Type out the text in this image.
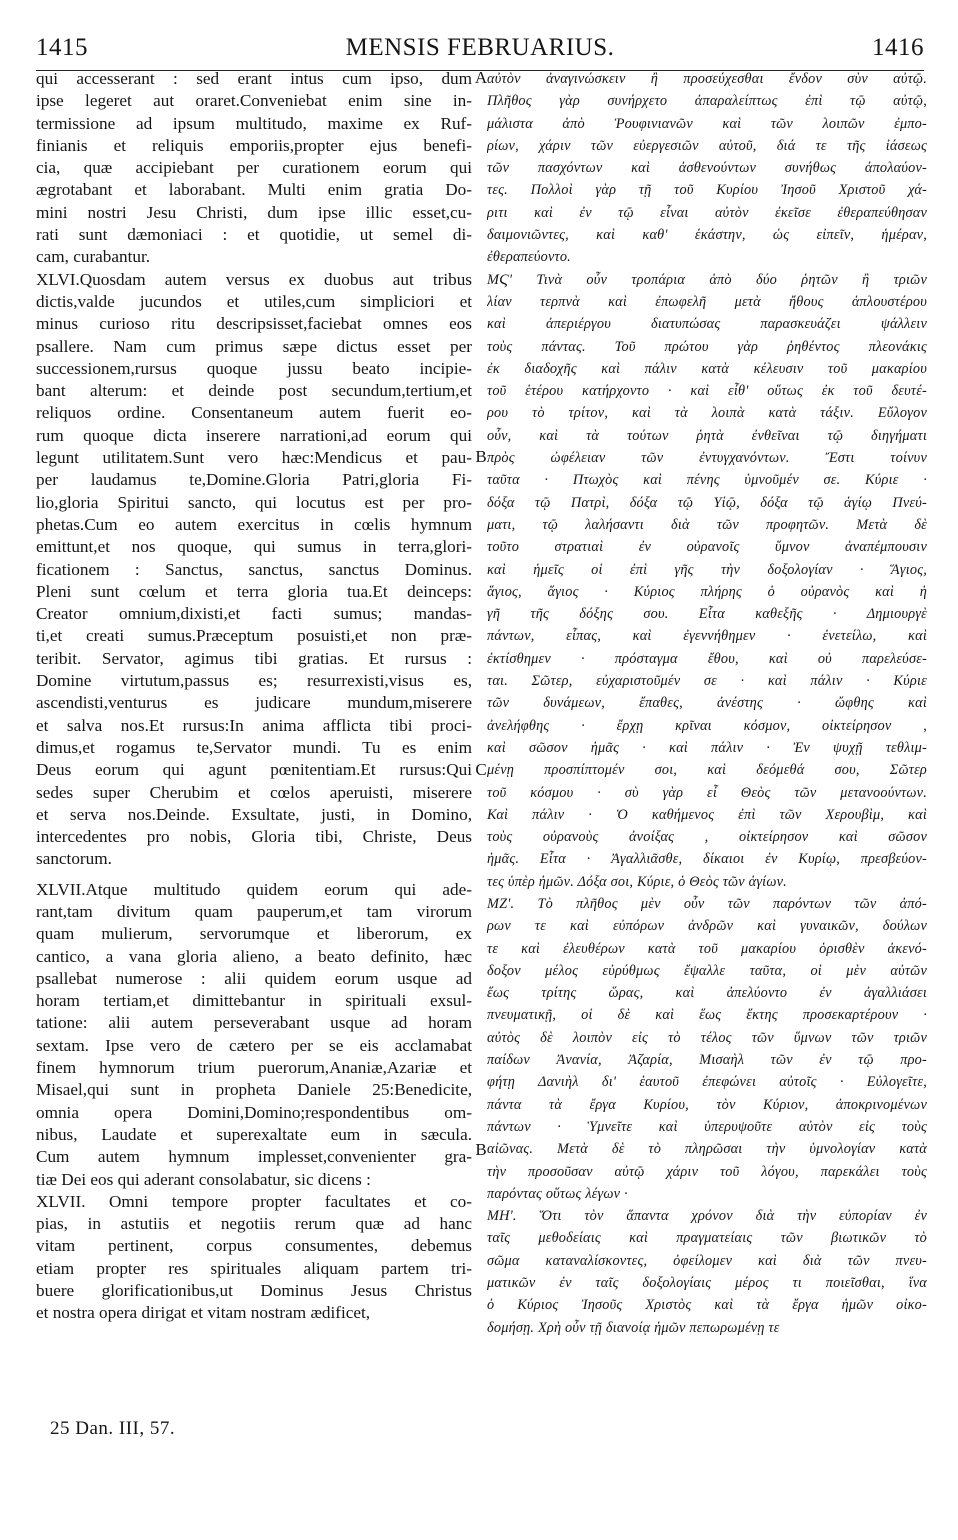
1415	MENSIS FEBRUARIUS.	1416
qui accesserant : sed erant intus cum ipso, dum
ipse legeret aut oraret.Conveniebat enim sine in-
termissione ad ipsum multitudo, maxime ex Ruf-
finianis et reliquis emporiis,propter ejus benefi-
cia, quæ accipiebant per curationem eorum qui
ægrotabant et laborabant. Multi enim gratia Do-
mini nostri Jesu Christi, dum ipse illic esset,cu-
rati sunt dæmoniaci : et quotidie, ut semel di-
cam, curabantur.
XLVI.Quosdam autem versus ex duobus aut tribus
dictis,valde jucundos et utiles,cum simpliciori et
minus curioso ritu descripsisset,faciebat omnes eos
psallere. Nam cum primus sæpe dictus esset per
successionem,rursus quoque jussu beato incipie-
bant alterum: et deinde post secundum,tertium,et
reliquos ordine. Consentaneum autem fuerit eo-
rum quoque dicta inserere narrationi,ad eorum qui
legunt utilitatem.Sunt vero hæc:Mendicus et pau-
per laudamus te,Domine.Gloria Patri,gloria Fi-
lio,gloria Spiritui sancto, qui locutus est per pro-
phetas.Cum eo autem exercitus in cœlis hymnum
emittunt,et nos quoque, qui sumus in terra,glori-
ficationem : Sanctus, sanctus, sanctus Dominus.
Pleni sunt cœlum et terra gloria tua.Et deinceps:
Creator omnium,dixisti,et facti sumus; mandas-
ti,et creati sumus.Præceptum posuisti,et non præ-
teribit. Servator, agimus tibi gratias. Et rursus :
Domine virtutum,passus es; resurrexisti,visus es,
ascendisti,venturus es judicare mundum,miserere
et salva nos.Et rursus:In anima afflicta tibi proci-
dimus,et rogamus te,Servator mundi. Tu es enim
Deus eorum qui agunt pœnitentiam.Et rursus:Qui
sedes super Cherubim et cœlos aperuisti, miserere
et serva nos.Deinde. Exsultate, justi, in Domino,
intercedentes pro nobis, Gloria tibi, Christe, Deus
sanctorum.
XLVII.Atque multitudo quidem eorum qui ade-
rant,tam divitum quam pauperum,et tam virorum
quam mulierum, servorumque et liberorum, ex
cantico, a vana gloria alieno, a beato definito, hæc
psallebat numerose : alii quidem eorum usque ad
horam tertiam,et dimittebantur in spirituali exsul-
tatione: alii autem perseverabant usque ad horam
sextam. Ipse vero de cætero per se eis acclamabat
finem hymnorum trium puerorum,Ananiæ,Azariæ et
Misael,qui sunt in propheta Daniele 25:Benedicite,
omnia opera Domini,Domino;respondentibus om-
nibus, Laudate et superexaltate eum in sæcula.
Cum autem hymnum implesset,convenienter gra-
tiæ Dei eos qui aderant consolabatur, sic dicens :
XLVII. Omni tempore propter facultates et co-
pias, in astutiis et negotiis rerum quæ ad hanc
vitam pertinent, corpus consumentes, debemus
etiam propter res spirituales aliquam partem tri-
buere glorificationibus,ut Dominus Jesus Christus
et nostra opera dirigat et vitam nostram ædificet,
αὐτὸν ἀναγινώσκειν ἢ προσεύχεσθαι ἔνδον σὺν αὐτῷ.
Πλῆθος γὰρ συνήρχετο ἀπαραλείπτως ἐπὶ τῷ αὐτῷ,
μάλιστα ἀπὸ Ῥουφινιανῶν καὶ τῶν λοιπῶν ἐμπο-
ρίων, χάριν τῶν εὐεργεσιῶν αὐτοῦ, διά τε τῆς ἰάσεως
τῶν πασχόντων καὶ ἀσθενούντων συνήθως ἀπολαύον-
τες. Πολλοὶ γὰρ τῇ τοῦ Κυρίου Ἰησοῦ Χριστοῦ χά-
ριτι καὶ ἐν τῷ εἶναι αὐτὸν ἐκεῖσε ἐθεραπεύθησαν
δαιμονιῶντες, καὶ καθ' ἑκάστην, ὡς εἰπεῖν, ἡμέραν,
ἐθεραπεύοντο.
ΜϚʹ Τινὰ οὖν τροπάρια ἀπὸ δύο ῥητῶν ἢ τριῶν
λίαν τερπνὰ καὶ ἐπωφελῆ μετὰ ἤθους ἁπλουστέρου
καὶ ἀπεριέργου διατυπώσας παρασκευάζει ψάλλειν
τοὺς πάντας. Τοῦ πρώτου γὰρ ῥηθέντος πλεονάκις
ἐκ διαδοχῆς καὶ πάλιν κατὰ κέλευσιν τοῦ μακαρίου
τοῦ ἑτέρου κατήρχοντο · καὶ εἶθ' οὕτως ἐκ τοῦ δευτέ-
ρου τὸ τρίτον, καὶ τὰ λοιπὰ κατὰ τάξιν. Εὔλογον
οὖν, καὶ τὰ τούτων ῥητὰ ἐνθεῖναι τῷ διηγήματι
πρὸς ὠφέλειαν τῶν ἐντυγχανόντων. Ἔστι τοίνυν
ταῦτα · Πτωχὸς καὶ πένης ὑμνοῦμέν σε. Κύριε ·
δόξα τῷ Πατρὶ, δόξα τῷ Υἱῷ, δόξα τῷ ἁγίῳ Πνεύ-
ματι, τῷ λαλήσαντι διὰ τῶν προφητῶν. Μετὰ δὲ
τοῦτο στρατιαὶ ἐν οὐρανοῖς ὕμνον ἀναπέμπουσιν
καὶ ἡμεῖς οἱ ἐπὶ γῆς τὴν δοξολογίαν · Ἅγιος,
ἅγιος, ἅγιος · Κύριος πλήρης ὁ οὐρανὸς καὶ ἡ
γῆ τῆς δόξης σου. Εἶτα καθεξῆς · Δημιουργὲ
πάντων, εἶπας, καὶ ἐγεννήθημεν · ἐνετείλω, καὶ
ἐκτίσθημεν · πρόσταγμα ἔθου, καὶ οὐ παρελεύσε-
ται. Σῶτερ, εὐχαριστοῦμέν σε · καὶ πάλιν · Κύριε
τῶν δυνάμεων, ἔπαθες, ἀνέστης · ὤφθης καὶ
ἀνελήφθης · ἔρχῃ κρῖναι κόσμον, οἰκτείρησον ,
καὶ σῶσον ἡμᾶς · καὶ πάλιν · Ἐν ψυχῇ τεθλιμ-
μένῃ προσπίπτομέν σοι, καὶ δεόμεθά σου, Σῶτερ
τοῦ κόσμου · σὺ γὰρ εἶ Θεὸς τῶν μετανοούντων.
Καὶ πάλιν · Ὁ καθήμενος ἐπὶ τῶν Χερουβὶμ, καὶ
τοὺς οὐρανοὺς ἀνοίξας , οἰκτείρησον καὶ σῶσον
ἡμᾶς. Εἶτα · Ἀγαλλιᾶσθε, δίκαιοι ἐν Κυρίῳ, πρεσβεύον-
τες ὑπὲρ ἡμῶν. Δόξα σοι, Κύριε, ὁ Θεὸς τῶν ἁγίων.
ΜΖʹ. Τὸ πλῆθος μὲν οὖν τῶν παρόντων τῶν ἀπό-
ρων τε καὶ εὐπόρων ἀνδρῶν καὶ γυναικῶν, δούλων
τε καὶ ἐλευθέρων κατὰ τοῦ μακαρίου ὁρισθὲν ἀκενό-
δοξον μέλος εὐρύθμως ἔψαλλε ταῦτα, οἱ μὲν αὐτῶν
ἕως τρίτης ὥρας, καὶ ἀπελύοντο ἐν ἀγαλλιάσει
πνευματικῇ, οἱ δὲ καὶ ἕως ἕκτης προσεκαρτέρουν ·
αὐτὸς δὲ λοιπὸν εἰς τὸ τέλος τῶν ὕμνων τῶν τριῶν
παίδων Ἀνανία, Ἀζαρία, Μισαὴλ τῶν ἐν τῷ προ-
φήτῃ Δανιὴλ δι' ἑαυτοῦ ἐπεφώνει αὐτοῖς · Εὐλογεῖτε,
πάντα τὰ ἔργα Κυρίου, τὸν Κύριον, ἀποκρινομένων
πάντων · Ὑμνεῖτε καὶ ὑπερυψοῦτε αὐτὸν εἰς τοὺς
αἰῶνας. Μετὰ δὲ τὸ πληρῶσαι τὴν ὑμνολογίαν κατὰ
τὴν προσοῦσαν αὐτῷ χάριν τοῦ λόγου, παρεκάλει τοὺς
παρόντας οὕτως λέγων ·
ΜΗʹ. Ὅτι τὸν ἅπαντα χρόνον διὰ τὴν εὐπορίαν ἐν
ταῖς μεθοδείαις καὶ πραγματείαις τῶν βιωτικῶν τὸ
σῶμα καταναλίσκοντες, ὀφείλομεν καὶ διὰ τῶν πνευ-
ματικῶν ἐν ταῖς δοξολογίαις μέρος τι ποιεῖσθαι, ἵνα
ὁ Κύριος Ἰησοῦς Χριστὸς καὶ τὰ ἔργα ἡμῶν οἰκο-
δομήσῃ. Χρὴ οὖν τῇ διανοίᾳ ἡμῶν πεπωρωμένῃ τε
A
B
C
B
25 Dan. III, 57.
